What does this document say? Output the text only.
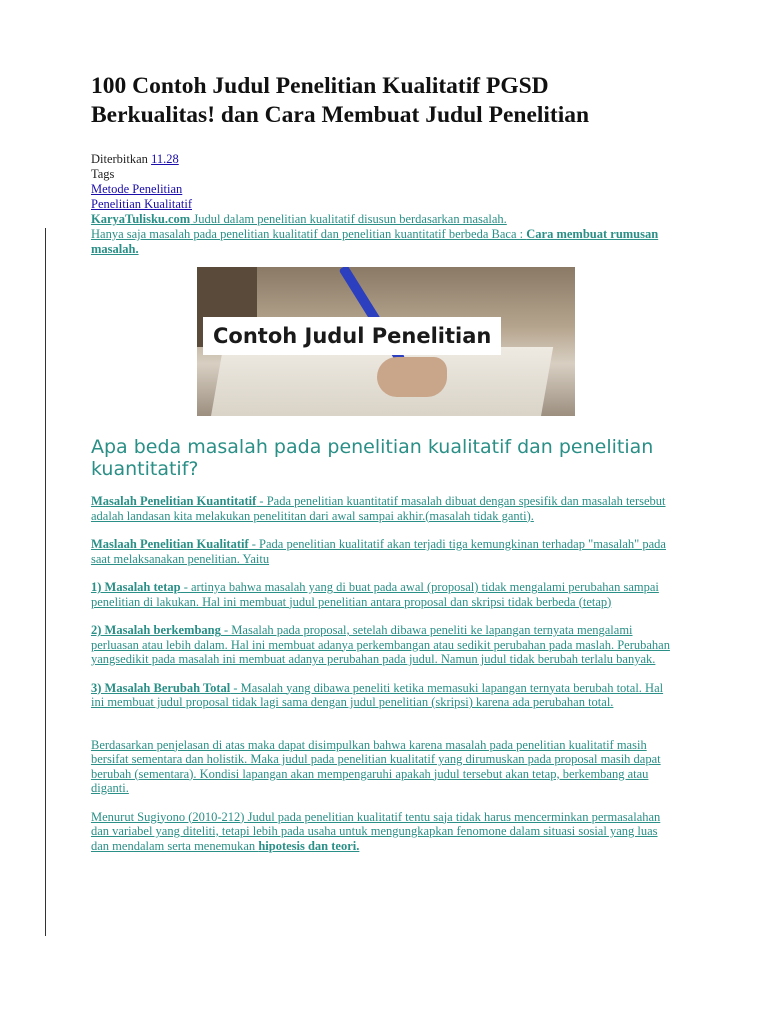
100 Contoh Judul Penelitian Kualitatif PGSD Berkualitas! dan Cara Membuat Judul Penelitian
Diterbitkan 11.28
Tags
Metode Penelitian
Penelitian Kualitatif
KaryaTulisku.com Judul dalam penelitian kualitatif disusun berdasarkan masalah.
Hanya saja masalah pada penelitian kualitatif dan penelitian kuantitatif berbeda Baca : Cara membuat rumusan masalah.
Contoh Judul Penelitian
Apa beda masalah pada penelitian kualitatif dan penelitian kuantitatif?

Masalah Penelitian Kuantitatif - Pada penelitian kuantitatif masalah dibuat dengan spesifik dan masalah tersebut adalah landasan kita melakukan penelititan dari awal sampai akhir.(masalah tidak ganti).

Maslaah Penelitian Kualitatif - Pada penelitian kualitatif akan terjadi tiga kemungkinan terhadap "masalah" pada saat melaksanakan penelitian. Yaitu

1) Masalah tetap - artinya bahwa masalah yang di buat pada awal (proposal) tidak mengalami perubahan sampai penelitian di lakukan. Hal ini membuat judul penelitian antara proposal dan skripsi tidak berbeda (tetap)

2) Masalah berkembang - Masalah pada proposal, setelah dibawa peneliti ke lapangan ternyata mengalami perluasan atau lebih dalam. Hal ini membuat adanya perkembangan atau sedikit perubahan pada maslah. Perubahan yangsedikit pada masalah ini membuat adanya perubahan pada judul. Namun judul tidak berubah terlalu banyak.

3) Masalah Berubah Total - Masalah yang dibawa peneliti ketika memasuki lapangan ternyata berubah total. Hal ini membuat judul proposal tidak lagi sama dengan judul penelitian (skripsi) karena ada perubahan total.

Berdasarkan penjelasan di atas maka dapat disimpulkan bahwa karena masalah pada penelitian kualitatif masih bersifat sementara dan holistik. Maka judul pada penelitian kualitatif yang dirumuskan pada proposal masih dapat berubah (sementara). Kondisi lapangan akan mempengaruhi apakah judul tersebut akan tetap, berkembang atau diganti.

Menurut Sugiyono (2010-212) Judul pada penelitian kualitatif tentu saja tidak harus mencerminkan permasalahan dan variabel yang diteliti, tetapi lebih pada usaha untuk mengungkapkan fenomone dalam situasi sosial yang luas dan mendalam serta menemukan hipotesis dan teori.
